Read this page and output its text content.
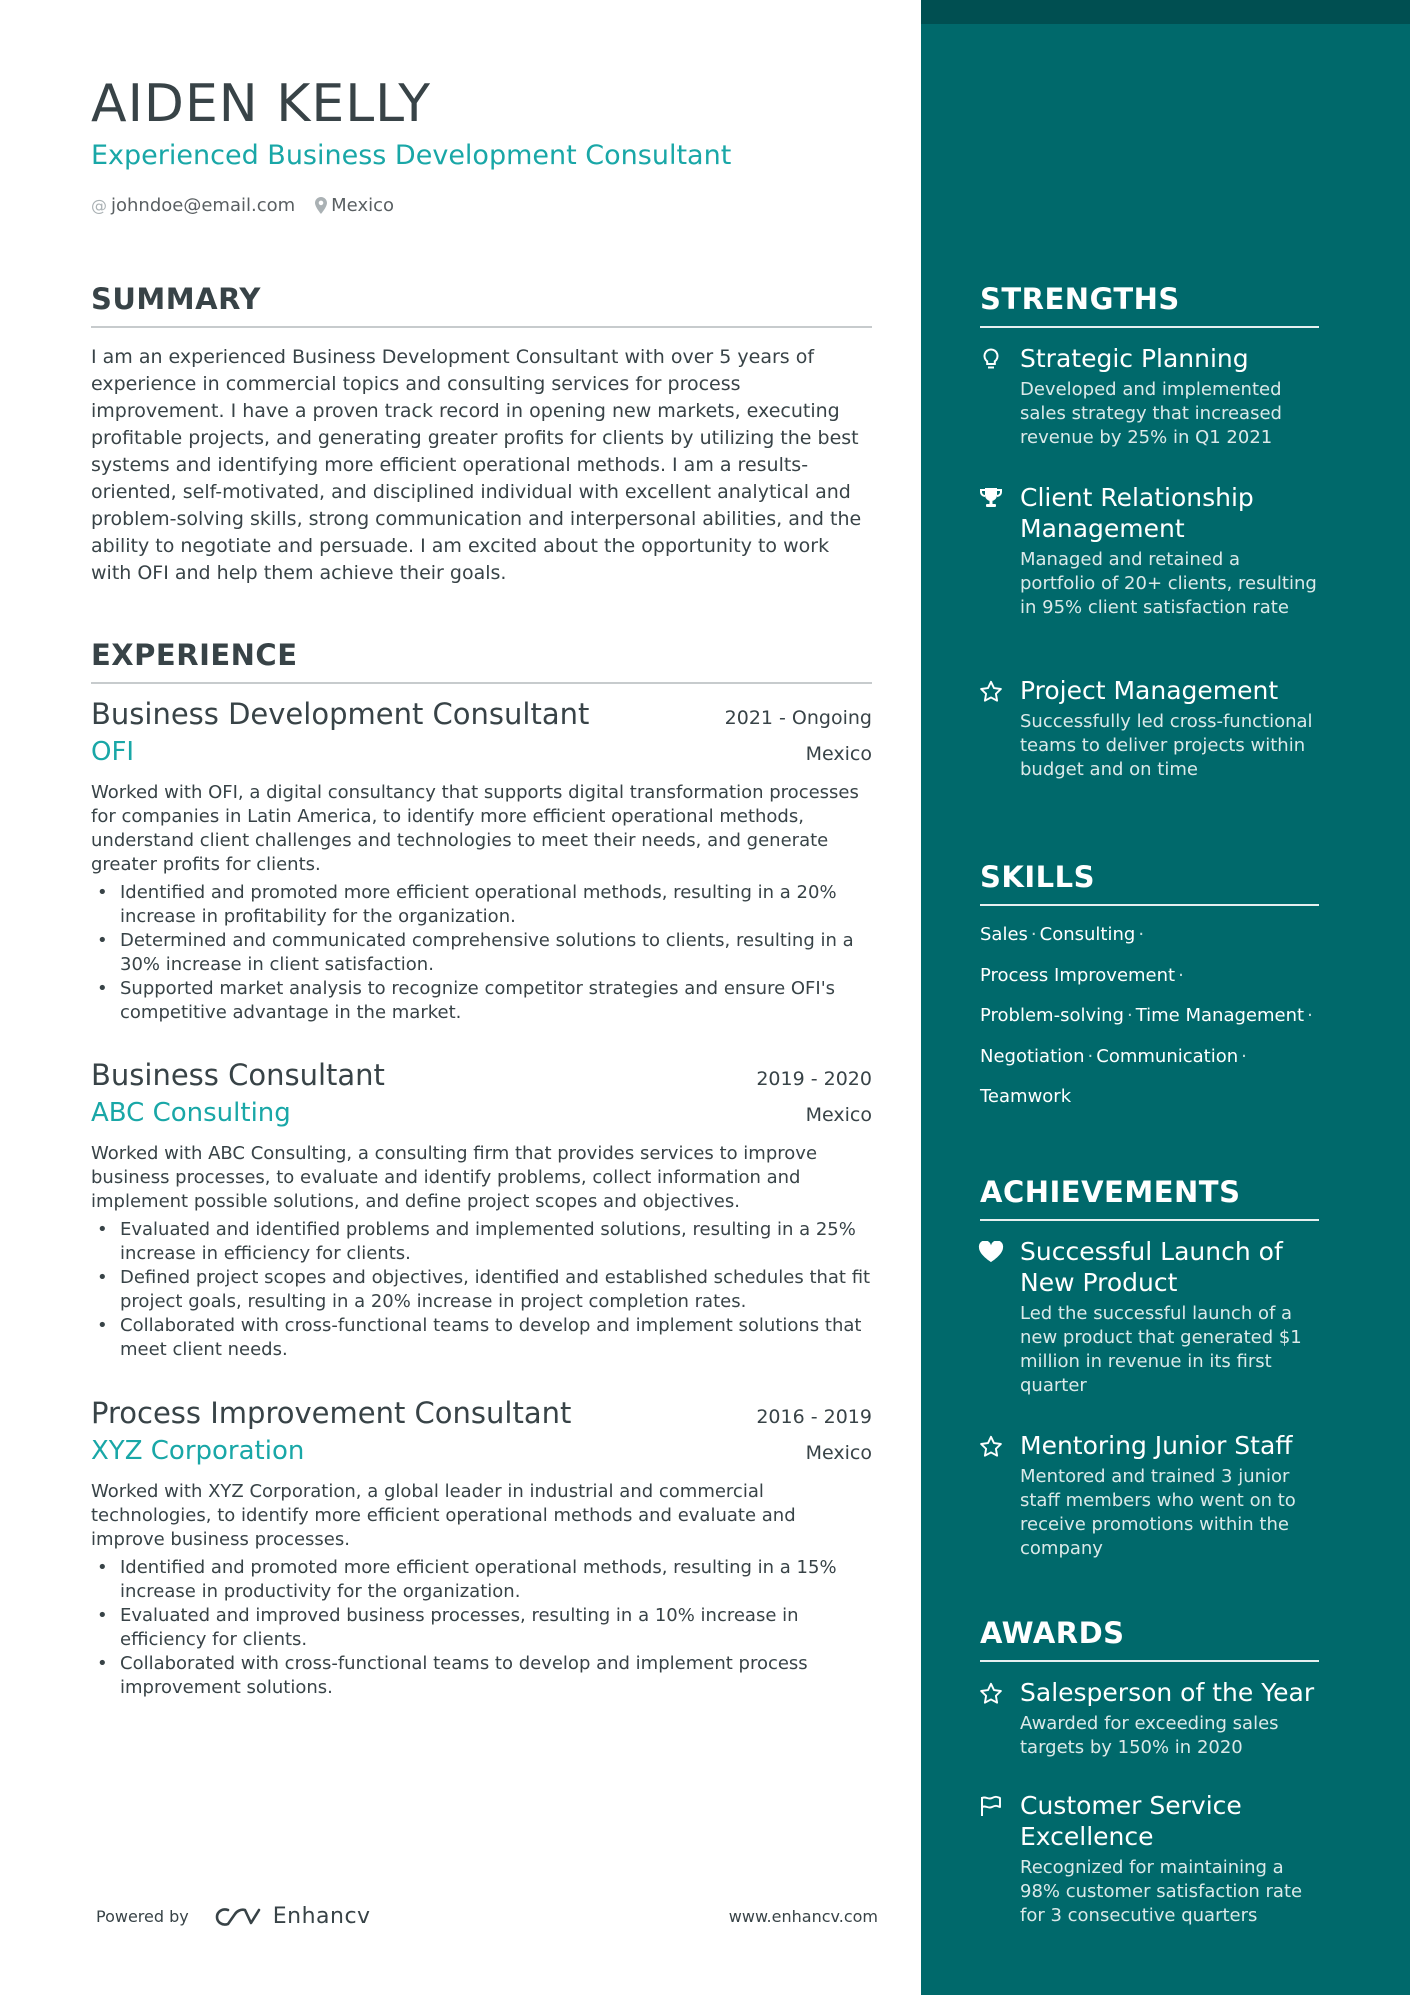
AIDEN KELLY
Experienced Business Development Consultant
@ johndoe@email.com Mexico
SUMMARY

I am an experienced Business Development Consultant with over 5 years of experience in commercial topics and consulting services for process improvement. I have a proven track record in opening new markets, executing profitable projects, and generating greater profits for clients by utilizing the best systems and identifying more efficient operational methods. I am a results-oriented, self-motivated, and disciplined individual with excellent analytical and problem-solving skills, strong communication and interpersonal abilities, and the ability to negotiate and persuade. I am excited about the opportunity to work with OFI and help them achieve their goals.

EXPERIENCE
Business Development Consultant	2021 - Ongoing
OFI	Mexico

Worked with OFI, a digital consultancy that supports digital transformation processes for companies in Latin America, to identify more efficient operational methods, understand client challenges and technologies to meet their needs, and generate greater profits for clients.

• Identified and promoted more efficient operational methods, resulting in a 20% increase in profitability for the organization.
• Determined and communicated comprehensive solutions to clients, resulting in a 30% increase in client satisfaction.
• Supported market analysis to recognize competitor strategies and ensure OFI's competitive advantage in the market.
Business Consultant	2019 - 2020
ABC Consulting	Mexico

Worked with ABC Consulting, a consulting firm that provides services to improve business processes, to evaluate and identify problems, collect information and implement possible solutions, and define project scopes and objectives.

• Evaluated and identified problems and implemented solutions, resulting in a 25% increase in efficiency for clients.
• Defined project scopes and objectives, identified and established schedules that fit project goals, resulting in a 20% increase in project completion rates.
• Collaborated with cross-functional teams to develop and implement solutions that meet client needs.
Process Improvement Consultant	2016 - 2019
XYZ Corporation	Mexico

Worked with XYZ Corporation, a global leader in industrial and commercial technologies, to identify more efficient operational methods and evaluate and improve business processes.

• Identified and promoted more efficient operational methods, resulting in a 15% increase in productivity for the organization.
• Evaluated and improved business processes, resulting in a 10% increase in efficiency for clients.
• Collaborated with cross-functional teams to develop and implement process improvement solutions.
Powered by	Enhancv	www.enhancv.com
STRENGTHS
Strategic Planning
Developed and implemented sales strategy that increased revenue by 25% in Q1 2021
Client Relationship Management
Managed and retained a portfolio of 20+ clients, resulting in 95% client satisfaction rate
Project Management
Successfully led cross-functional teams to deliver projects within budget and on time
SKILLS
Sales · Consulting ·
Process Improvement ·
Problem-solving · Time Management ·
Negotiation · Communication ·
Teamwork
ACHIEVEMENTS
Successful Launch of New Product
Led the successful launch of a new product that generated $1 million in revenue in its first quarter
Mentoring Junior Staff
Mentored and trained 3 junior staff members who went on to receive promotions within the company
AWARDS
Salesperson of the Year
Awarded for exceeding sales targets by 150% in 2020
Customer Service Excellence
Recognized for maintaining a 98% customer satisfaction rate for 3 consecutive quarters
